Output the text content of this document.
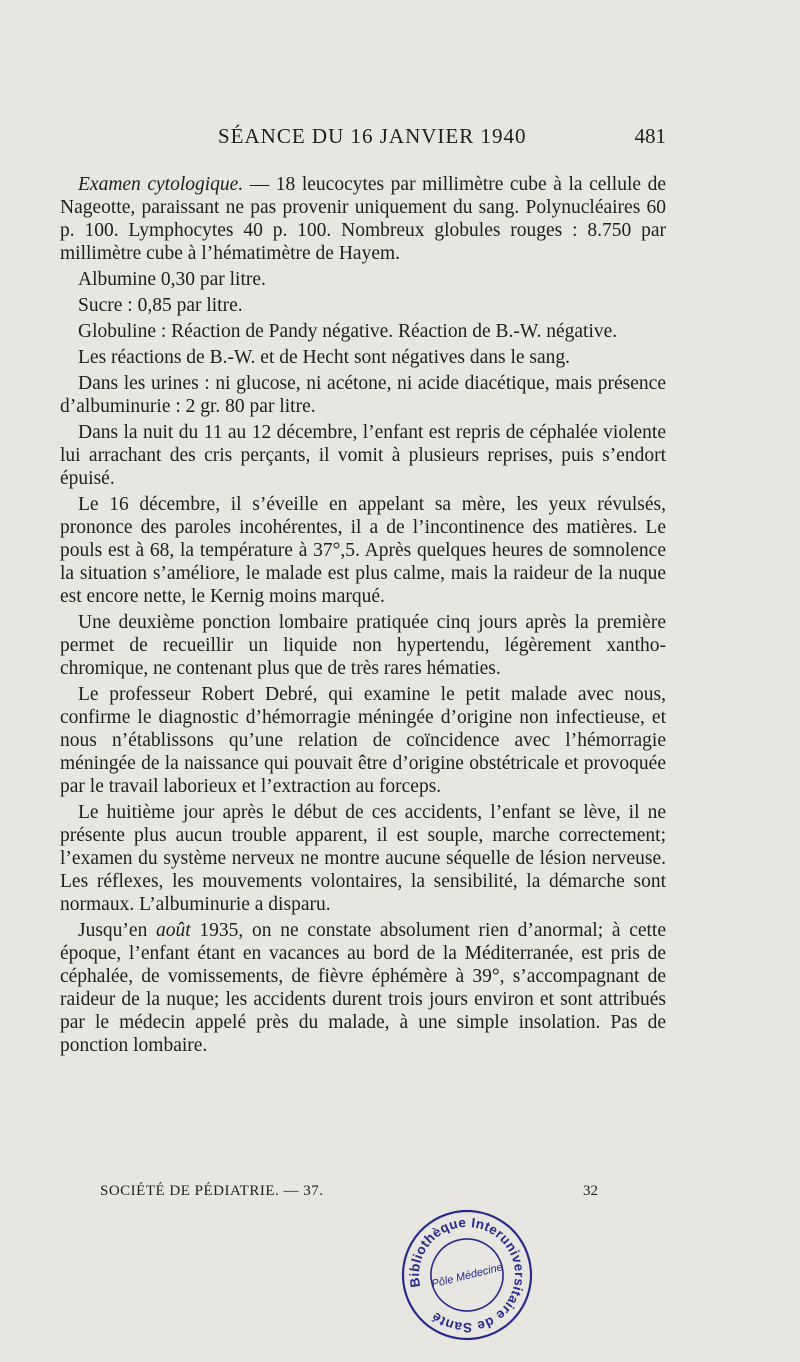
SÉANCE DU 16 JANVIER 1940	481

Examen cytologique. — 18 leucocytes par millimètre cube à la cellule de Nageotte, paraissant ne pas provenir uniquement du sang. Polynucléaires 60 p. 100. Lymphocytes 40 p. 100. Nombreux globules rouges : 8.750 par millimètre cube à l’hématimètre de Hayem.

Albumine 0,30 par litre.

Sucre : 0,85 par litre.

Globuline : Réaction de Pandy négative. Réaction de B.-W. négative.

Les réactions de B.-W. et de Hecht sont négatives dans le sang.

Dans les urines : ni glucose, ni acétone, ni acide diacétique, mais présence d’albuminurie : 2 gr. 80 par litre.

Dans la nuit du 11 au 12 décembre, l’enfant est repris de céphalée violente lui arrachant des cris perçants, il vomit à plusieurs reprises, puis s’endort épuisé.

Le 16 décembre, il s’éveille en appelant sa mère, les yeux révulsés, prononce des paroles incohérentes, il a de l’incontinence des matières. Le pouls est à 68, la température à 37°,5. Après quelques heures de somnolence la situation s’améliore, le malade est plus calme, mais la raideur de la nuque est encore nette, le Kernig moins marqué.

Une deuxième ponction lombaire pratiquée cinq jours après la première permet de recueillir un liquide non hypertendu, légèrement xantho-chromique, ne contenant plus que de très rares hématies.

Le professeur Robert Debré, qui examine le petit malade avec nous, confirme le diagnostic d’hémorragie méningée d’origine non infectieuse, et nous n’établissons qu’une relation de coïncidence avec l’hémorragie méningée de la naissance qui pouvait être d’origine obstétricale et provoquée par le travail laborieux et l’extraction au forceps.

Le huitième jour après le début de ces accidents, l’enfant se lève, il ne présente plus aucun trouble apparent, il est souple, marche correctement; l’examen du système nerveux ne montre aucune séquelle de lésion nerveuse. Les réflexes, les mouvements volontaires, la sensibilité, la démarche sont normaux. L’albuminurie a disparu.

Jusqu’en août 1935, on ne constate absolument rien d’anormal; à cette époque, l’enfant étant en vacances au bord de la Méditerranée, est pris de céphalée, de vomissements, de fièvre éphémère à 39°, s’accompagnant de raideur de la nuque; les accidents durent trois jours environ et sont attribués par le médecin appelé près du malade, à une simple insolation. Pas de ponction lombaire.

SOCIÉTÉ DE PÉDIATRIE. — 37.	32
Bibliothèque Interuniversitaire de Santé
Pôle Médecine
